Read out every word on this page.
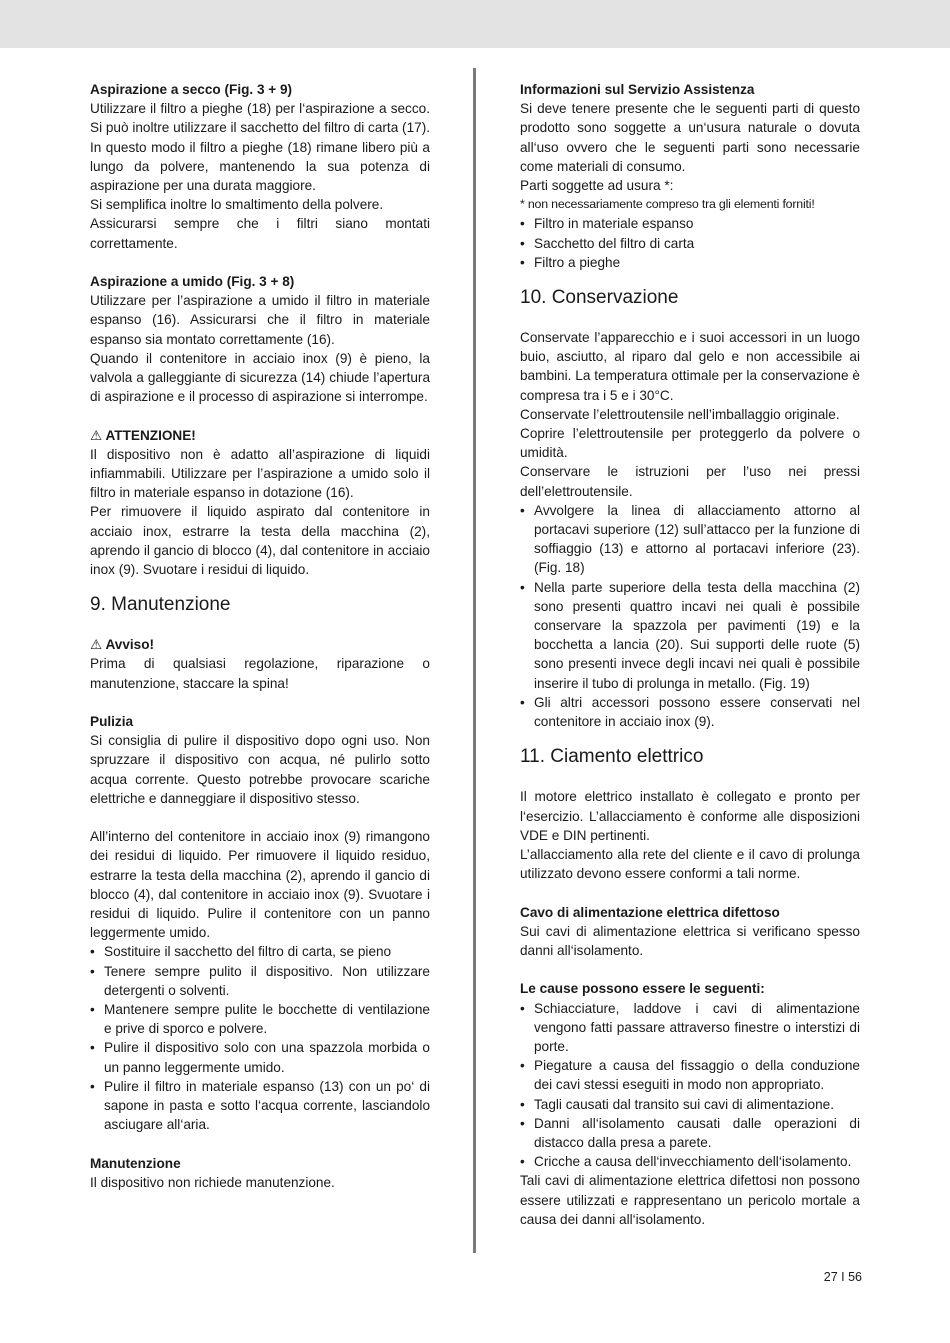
Aspirazione a secco (Fig. 3 + 9)

Utilizzare il filtro a pieghe (18) per l‘aspirazione a secco. Si può inoltre utilizzare il sacchetto del filtro di carta (17). In questo modo il filtro a pieghe (18) rimane libero più a lungo da polvere, mantenendo la sua potenza di aspirazione per una durata maggiore.

Si semplifica inoltre lo smaltimento della polvere.

Assicurarsi sempre che i filtri siano montati correttamente.

Aspirazione a umido (Fig. 3 + 8)

Utilizzare per l’aspirazione a umido il filtro in materiale espanso (16). Assicurarsi che il filtro in materiale espanso sia montato correttamente (16).

Quando il contenitore in acciaio inox (9) è pieno, la valvola a galleggiante di sicurezza (14) chiude l’apertura di aspirazione e il processo di aspirazione si interrompe.

⚠ ATTENZIONE!

Il dispositivo non è adatto all’aspirazione di liquidi infiammabili. Utilizzare per l’aspirazione a umido solo il filtro in materiale espanso in dotazione (16).

Per rimuovere il liquido aspirato dal contenitore in acciaio inox, estrarre la testa della macchina (2), aprendo il gancio di blocco (4), dal contenitore in acciaio inox (9). Svuotare i residui di liquido.

9. Manutenzione

⚠ Avviso!

Prima di qualsiasi regolazione, riparazione o manutenzione, staccare la spina!

Pulizia

Si consiglia di pulire il dispositivo dopo ogni uso. Non spruzzare il dispositivo con acqua, né pulirlo sotto acqua corrente. Questo potrebbe provocare scariche elettriche e danneggiare il dispositivo stesso.

All’interno del contenitore in acciaio inox (9) rimangono dei residui di liquido. Per rimuovere il liquido residuo, estrarre la testa della macchina (2), aprendo il gancio di blocco (4), dal contenitore in acciaio inox (9). Svuotare i residui di liquido. Pulire il contenitore con un panno leggermente umido.

• Sostituire il sacchetto del filtro di carta, se pieno
• Tenere sempre pulito il dispositivo. Non utilizzare detergenti o solventi.
• Mantenere sempre pulite le bocchette di ventilazione e prive di sporco e polvere.
• Pulire il dispositivo solo con una spazzola morbida o un panno leggermente umido.
• Pulire il filtro in materiale espanso (13) con un po‘ di sapone in pasta e sotto l‘acqua corrente, lasciandolo asciugare all‘aria.

Manutenzione

Il dispositivo non richiede manutenzione.

Informazioni sul Servizio Assistenza

Si deve tenere presente che le seguenti parti di questo prodotto sono soggette a un‘usura naturale o dovuta all‘uso ovvero che le seguenti parti sono necessarie come materiali di consumo.

Parti soggette ad usura *:

* non necessariamente compreso tra gli elementi forniti!

• Filtro in materiale espanso
• Sacchetto del filtro di carta
• Filtro a pieghe

10. Conservazione

Conservate l’apparecchio e i suoi accessori in un luogo buio, asciutto, al riparo dal gelo e non accessibile ai bambini. La temperatura ottimale per la conservazione è compresa tra i 5 e i 30°C.

Conservate l’elettroutensile nell’imballaggio originale.

Coprire l’elettroutensile per proteggerlo da polvere o umidità.

Conservare le istruzioni per l’uso nei pressi dell’elettroutensile.

• Avvolgere la linea di allacciamento attorno al portacavi superiore (12) sull’attacco per la funzione di soffiaggio (13) e attorno al portacavi inferiore (23). (Fig. 18)
• Nella parte superiore della testa della macchina (2) sono presenti quattro incavi nei quali è possibile conservare la spazzola per pavimenti (19) e la bocchetta a lancia (20). Sui supporti delle ruote (5) sono presenti invece degli incavi nei quali è possibile inserire il tubo di prolunga in metallo. (Fig. 19)
• Gli altri accessori possono essere conservati nel contenitore in acciaio inox (9).

11. Ciamento elettrico

Il motore elettrico installato è collegato e pronto per l‘esercizio. L’allacciamento è conforme alle disposizioni VDE e DIN pertinenti.

L’allacciamento alla rete del cliente e il cavo di prolunga utilizzato devono essere conformi a tali norme.

Cavo di alimentazione elettrica difettoso

Sui cavi di alimentazione elettrica si verificano spesso danni all‘isolamento.

Le cause possono essere le seguenti:

• Schiacciature, laddove i cavi di alimentazione vengono fatti passare attraverso finestre o interstizi di porte.
• Piegature a causa del fissaggio o della conduzione dei cavi stessi eseguiti in modo non appropriato.
• Tagli causati dal transito sui cavi di alimentazione.
• Danni all‘isolamento causati dalle operazioni di distacco dalla presa a parete.
• Cricche a causa dell‘invecchiamento dell‘isolamento.

Tali cavi di alimentazione elettrica difettosi non possono essere utilizzati e rappresentano un pericolo mortale a causa dei danni all‘isolamento.

27 I 56
